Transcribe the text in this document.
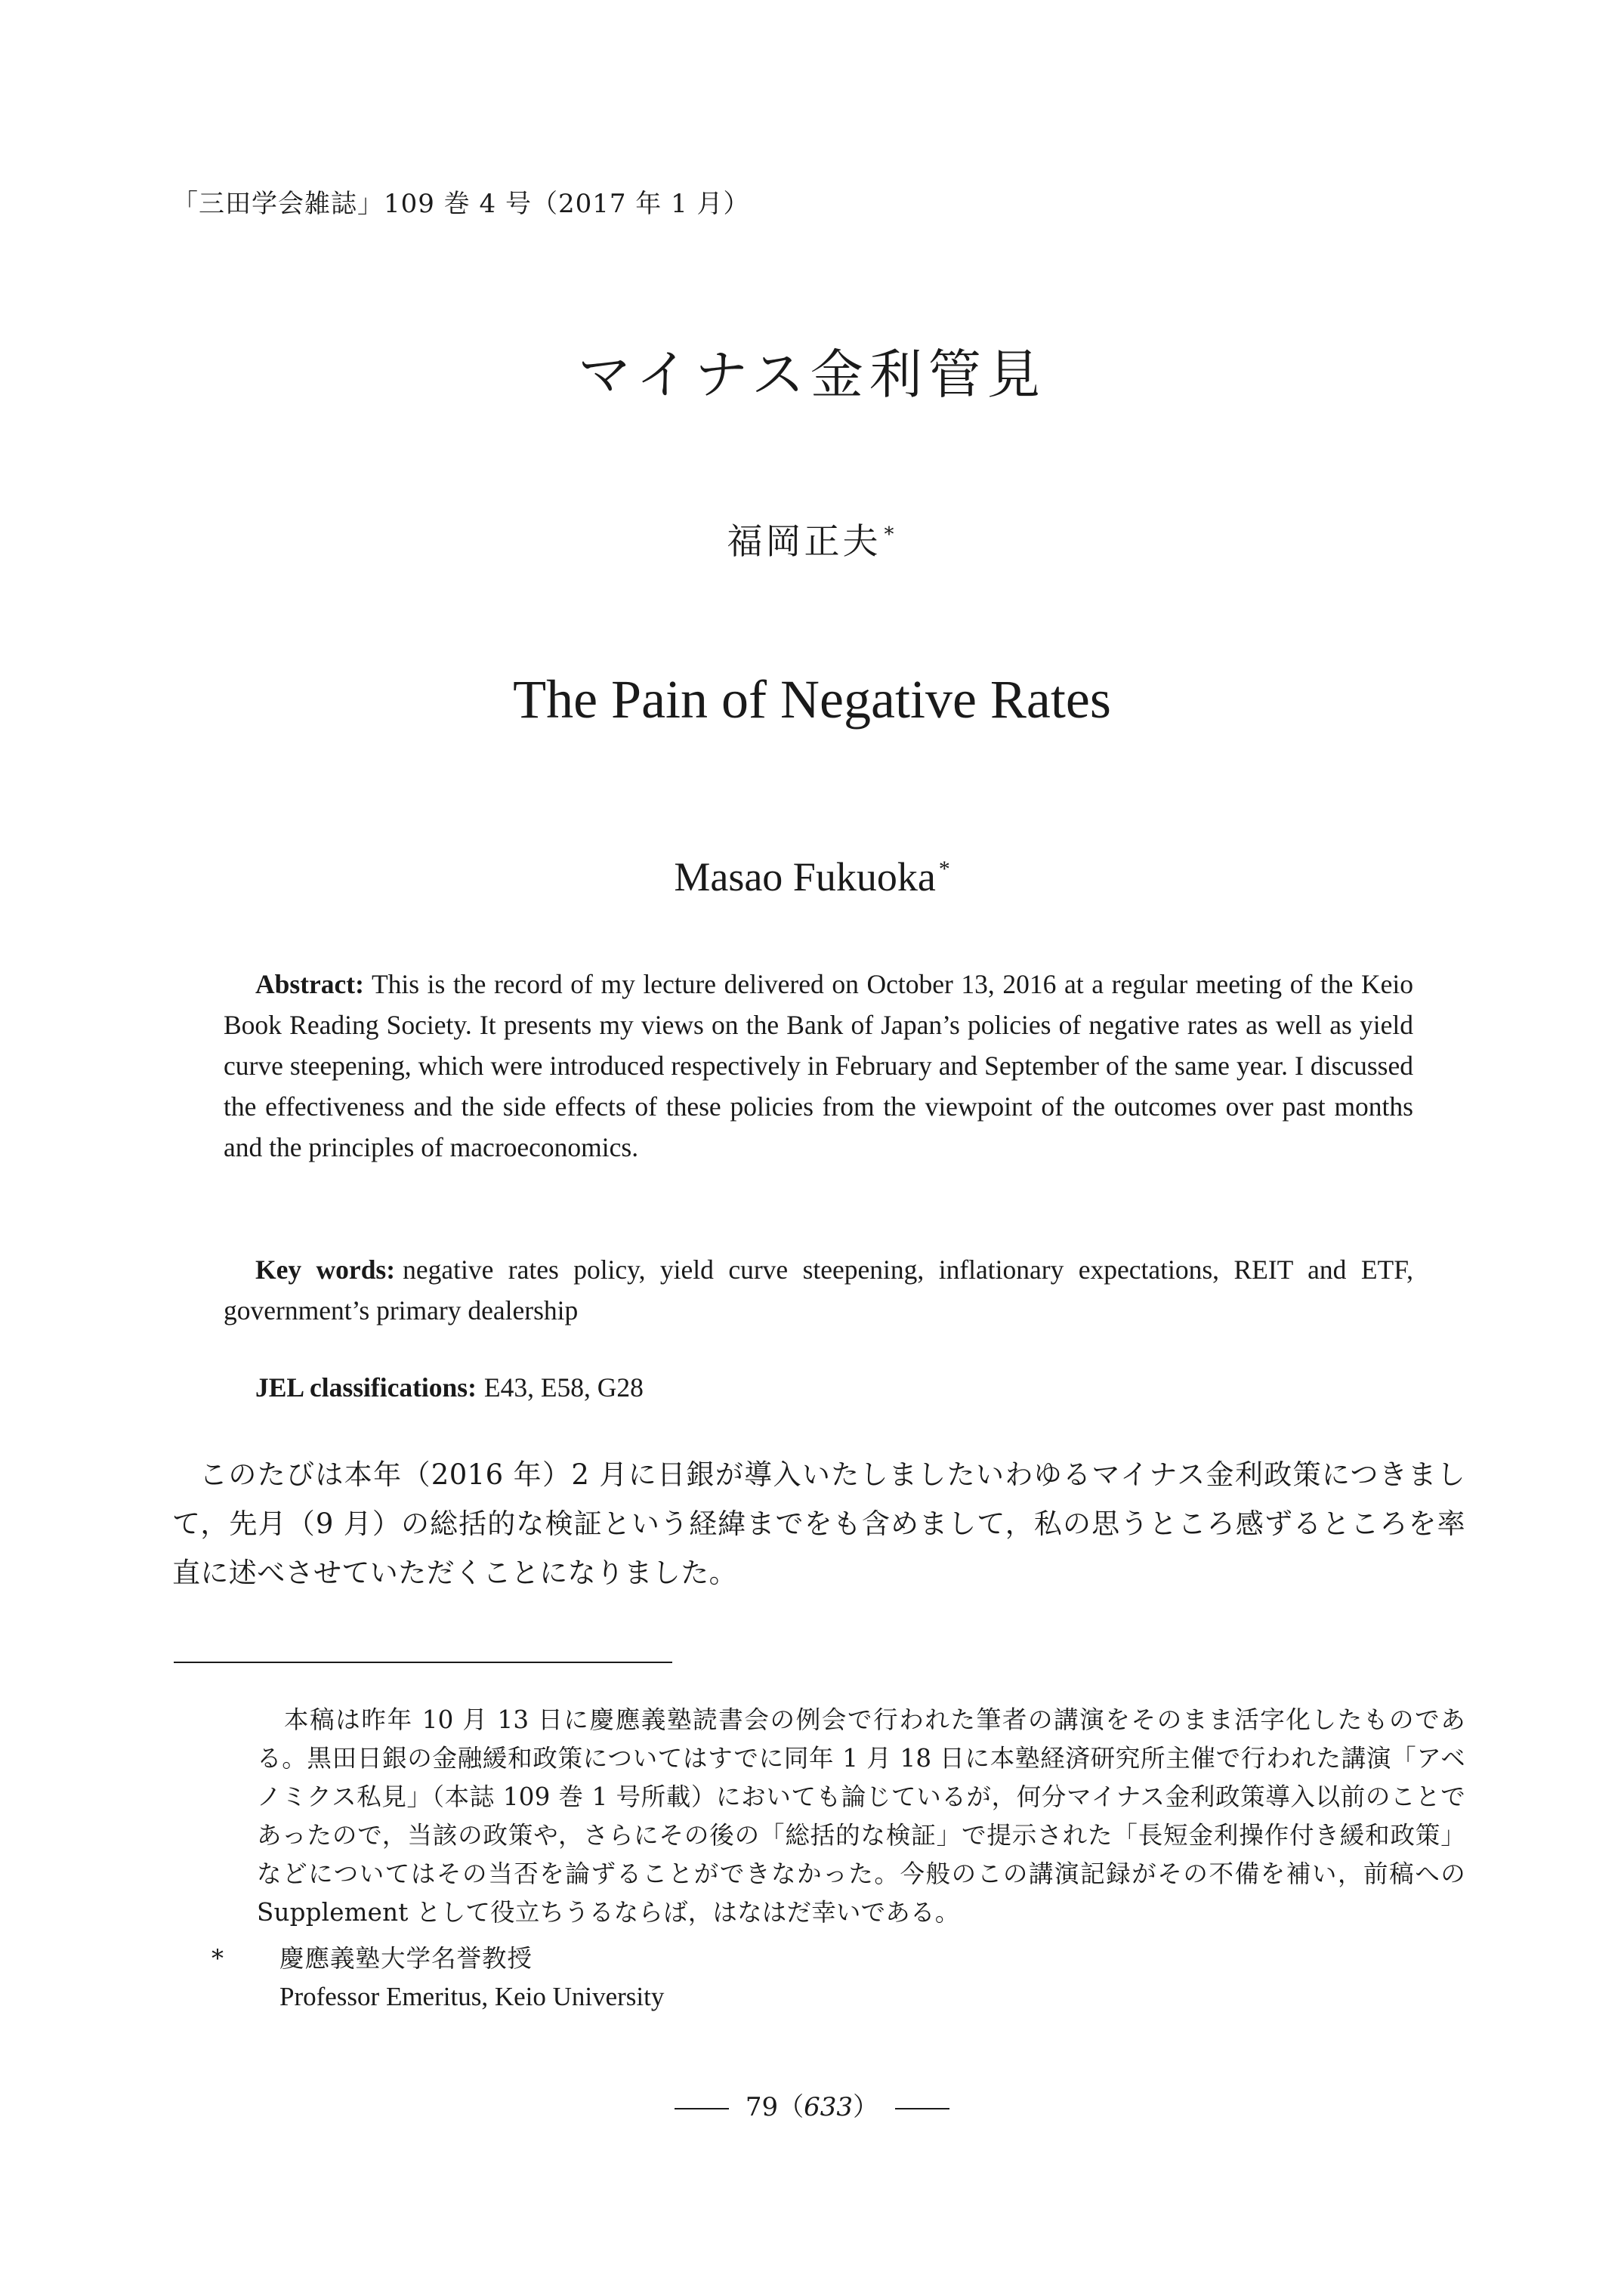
「三田学会雑誌」109 巻 4 号（2017 年 1 月）
マイナス金利管見
福岡正夫 *
The Pain of Negative Rates
Masao Fukuoka *

Abstract: This is the record of my lecture delivered on October 13, 2016 at a regular meeting of the Keio Book Reading Society. It presents my views on the Bank of Japan’s policies of negative rates as well as yield curve steepening, which were introduced respectively in February and September of the same year. I discussed the effectiveness and the side effects of these policies from the viewpoint of the outcomes over past months and the principles of macroeconomics.

Key words: negative rates policy, yield curve steepening, inflationary expectations, REIT and ETF, government’s primary dealership

JEL classifications: E43, E58, G28

このたびは本年（2016 年）2 月に日銀が導入いたしましたいわゆるマイナス金利政策につきまして，先月（9 月）の総括的な検証という経緯までをも含めまして，私の思うところ感ずるところを率直に述べさせていただくことになりました。

本稿は昨年 10 月 13 日に慶應義塾読書会の例会で行われた筆者の講演をそのまま活字化したものである。黒田日銀の金融緩和政策についてはすでに同年 1 月 18 日に本塾経済研究所主催で行われた講演「アベノミクス私見」（本誌 109 巻 1 号所載）においても論じているが，何分マイナス金利政策導入以前のことであったので，当該の政策や，さらにその後の「総括的な検証」で提示された「長短金利操作付き緩和政策」などについてはその当否を論ずることができなかった。今般のこの講演記録がその不備を補い，前稿への Supplement として役立ちうるならば，はなはだ幸いである。

* 慶應義塾大学名誉教授
Professor Emeritus, Keio University
79（633）
